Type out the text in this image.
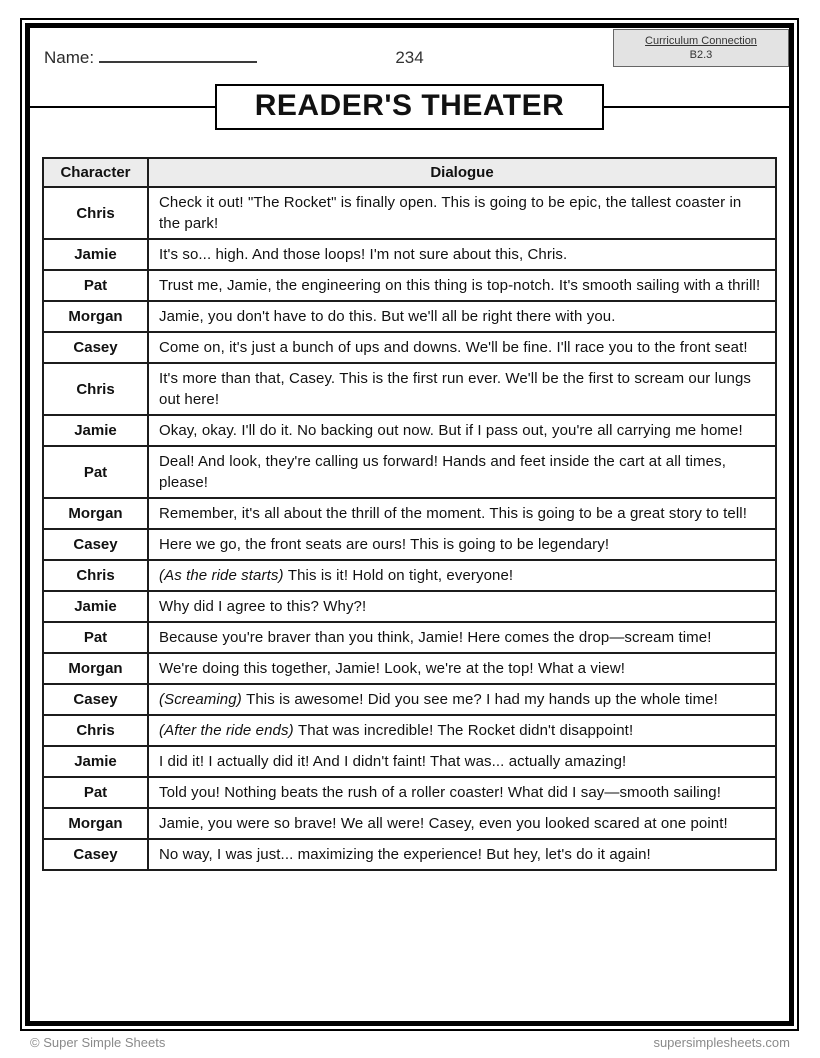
Name:	234
Curriculum Connection
B2.3
READER'S THEATER
Character	Dialogue
Chris	Check it out! "The Rocket" is finally open. This is going to be epic, the tallest coaster in the park!
Jamie	It's so... high. And those loops! I'm not sure about this, Chris.
Pat	Trust me, Jamie, the engineering on this thing is top-notch. It's smooth sailing with a thrill!
Morgan	Jamie, you don't have to do this. But we'll all be right there with you.
Casey	Come on, it's just a bunch of ups and downs. We'll be fine. I'll race you to the front seat!
Chris	It's more than that, Casey. This is the first run ever. We'll be the first to scream our lungs out here!
Jamie	Okay, okay. I'll do it. No backing out now. But if I pass out, you're all carrying me home!
Pat	Deal! And look, they're calling us forward! Hands and feet inside the cart at all times, please!
Morgan	Remember, it's all about the thrill of the moment. This is going to be a great story to tell!
Casey	Here we go, the front seats are ours! This is going to be legendary!
Chris	(As the ride starts) This is it! Hold on tight, everyone!
Jamie	Why did I agree to this? Why?!
Pat	Because you're braver than you think, Jamie! Here comes the drop—scream time!
Morgan	We're doing this together, Jamie! Look, we're at the top! What a view!
Casey	(Screaming) This is awesome! Did you see me? I had my hands up the whole time!
Chris	(After the ride ends) That was incredible! The Rocket didn't disappoint!
Jamie	I did it! I actually did it! And I didn't faint! That was... actually amazing!
Pat	Told you! Nothing beats the rush of a roller coaster! What did I say—smooth sailing!
Morgan	Jamie, you were so brave! We all were! Casey, even you looked scared at one point!
Casey	No way, I was just... maximizing the experience! But hey, let's do it again!
© Super Simple Sheets	supersimplesheets.com
